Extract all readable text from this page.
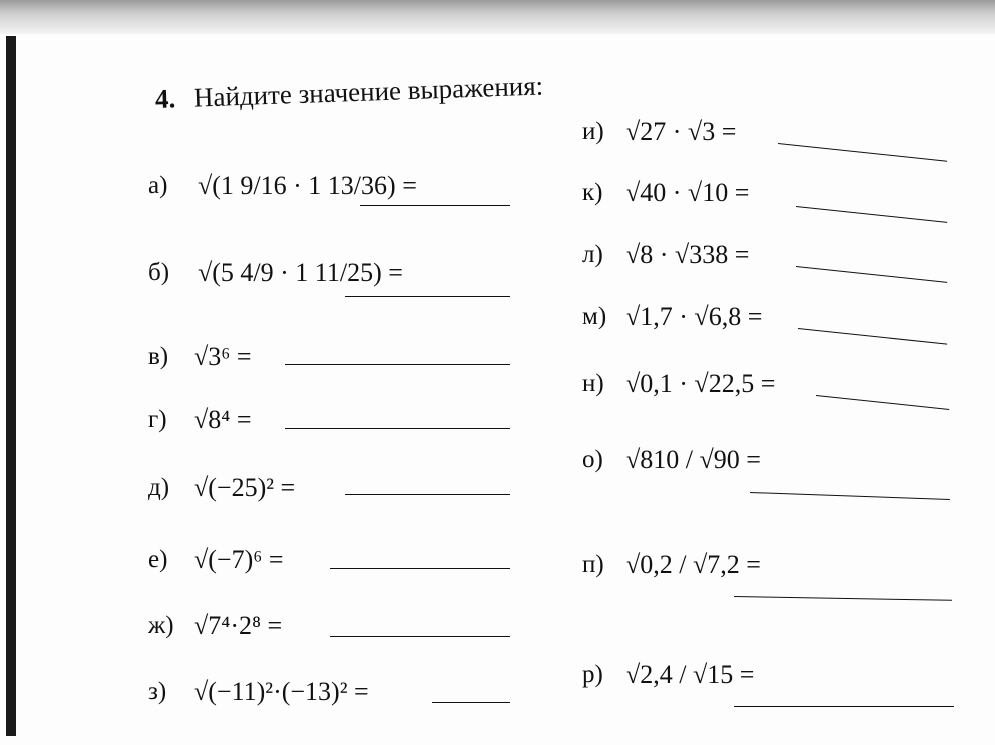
4. Найдите значение выражения:
а)	√(1 9/16 · 1 13/36) =
б)	√(5 4/9 · 1 11/25) =
в) √3⁶ =
г)	√8⁴ =
д) √(−25)² =
е)	√(−7)⁶ =
ж) √7⁴·2⁸ =
з)	√(−11)²·(−13)² =
и) √27 · √3 =
к) √40 · √10 =
л) √8 · √338 =
м) √1,7 · √6,8 =
н) √0,1 · √22,5 =
о) √810 / √90 =
п) √0,2 / √7,2 =
р) √2,4 / √15 =
